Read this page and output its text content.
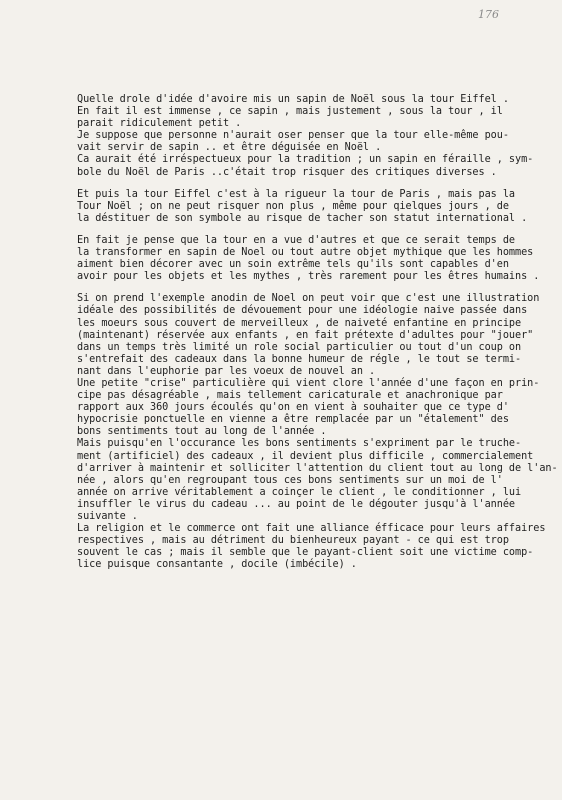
176
Quelle drole d'idée d'avoire mis un sapin de Noël sous la tour Eiffel .
En fait il est immense , ce sapin , mais justement , sous la tour , il
parait ridiculement petit .
Je suppose que personne n'aurait oser penser que la tour elle-même pou-
vait servir de sapin .. et être déguisée en Noël .
Ca aurait été irréspectueux pour la tradition ; un sapin en féraille , sym-
bole du Noël de Paris ..c'était trop risquer des critiques diverses .
Et puis la tour Eiffel c'est à la rigueur la tour de Paris , mais pas la
Tour Noël ; on ne peut risquer non plus , même pour qielques jours , de
la déstituer de son symbole au risque de tacher son statut international .
En fait je pense que la tour en a vue d'autres et que ce serait temps de
la transformer en sapin de Noel ou tout autre objet mythique que les hommes
aiment bien décorer avec un soin extrême tels qu'ils sont capables d'en
avoir pour les objets et les mythes , très rarement pour les êtres humains .
Si on prend l'exemple anodin de Noel on peut voir que c'est une illustration
idéale des possibilités de dévouement pour une idéologie naive passée dans
les moeurs sous couvert de merveilleux , de naiveté enfantine en principe
(maintenant) réservée aux enfants , en fait prétexte d'adultes pour "jouer"
dans un temps très limité un role social particulier ou tout d'un coup on
s'entrefait des cadeaux dans la bonne humeur de régle , le tout se termi-
nant dans l'euphorie par les voeux de nouvel an .
Une petite "crise" particulière qui vient clore l'année d'une façon en prin-
cipe pas désagréable , mais tellement caricaturale et anachronique par
rapport aux 360 jours écoulés qu'on en vient à souhaiter que ce type d'
hypocrisie ponctuelle en vienne a être remplacée par un "étalement" des
bons sentiments tout au long de l'année .
Mais puisqu'en l'occurance les bons sentiments s'expriment par le truche-
ment (artificiel) des cadeaux , il devient plus difficile , commercialement
d'arriver à maintenir et solliciter l'attention du client tout au long de l'an-
née , alors qu'en regroupant tous ces bons sentiments sur un moi de l'
année on arrive véritablement a coinçer le client , le conditionner , lui
insuffler le virus du cadeau ... au point de le dégouter jusqu'à l'année
suivante .
La religion et le commerce ont fait une alliance éfficace pour leurs affaires
respectives , mais au détriment du bienheureux payant - ce qui est trop
souvent le cas ; mais il semble que le payant-client soit une victime comp-
lice puisque consantante , docile (imbécile) .
